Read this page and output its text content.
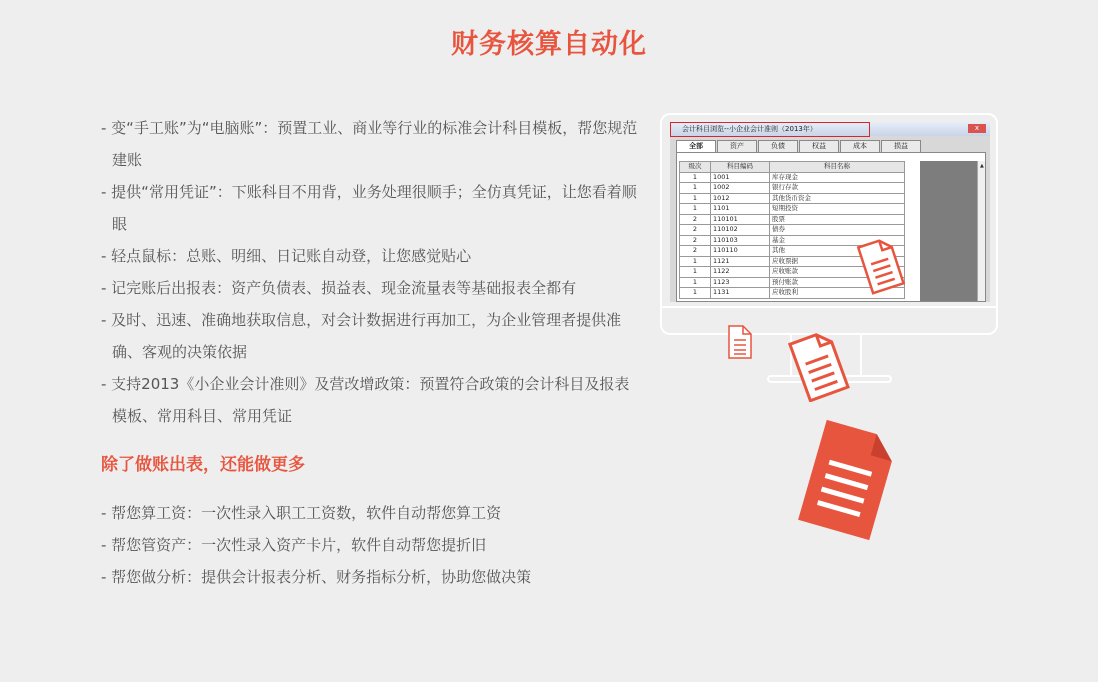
财务核算自动化
- 变“手工账”为“电脑账”：预置工业、商业等行业的标准会计科目模板，帮您规范建账
- 提供“常用凭证”：下账科目不用背，业务处理很顺手；全仿真凭证，让您看着顺眼
- 轻点鼠标：总账、明细、日记账自动登，让您感觉贴心
- 记完账后出报表：资产负债表、损益表、现金流量表等基础报表全都有
- 及时、迅速、准确地获取信息，对会计数据进行再加工，为企业管理者提供准确、客观的决策依据
- 支持2013《小企业会计准则》及营改增政策：预置符合政策的会计科目及报表模板、常用科目、常用凭证
除了做账出表，还能做更多
- 帮您算工资：一次性录入职工工资数，软件自动帮您算工资
- 帮您管资产：一次性录入资产卡片，软件自动帮您提折旧
- 帮您做分析：提供会计报表分析、财务指标分析，协助您做决策
会计科目浏览--小企业会计准则（2013年）	x
全部	资产	负债	权益	成本	损益
级次	科目编码	科目名称
1	1001	库存现金
1	1002	银行存款
1	1012	其他货币资金
1	1101	短期投资
2	110101	股票
2	110102	债券
2	110103	基金
2	110110	其他
1	1121	应收票据
1	1122	应收账款
1	1123	预付账款
1	1131	应收股利
▲
